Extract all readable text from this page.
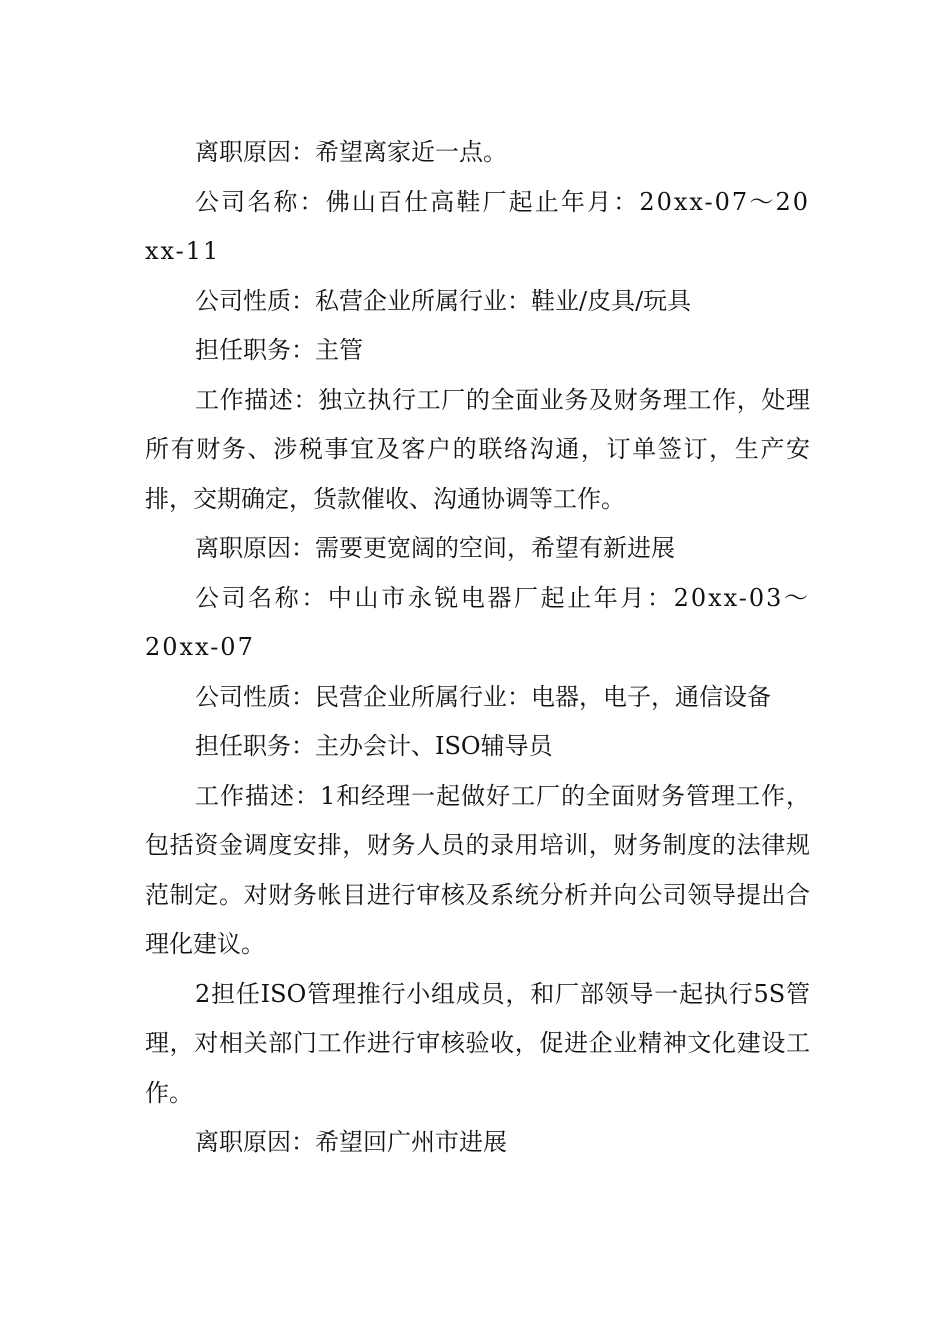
离职原因：希望离家近一点。

公司名称：佛山百仕高鞋厂起止年月：20xx-07～20xx-11

公司性质：私营企业所属行业：鞋业/皮具/玩具

担任职务：主管

工作描述：独立执行工厂的全面业务及财务理工作，处理所有财务、涉税事宜及客户的联络沟通，订单签订，生产安排，交期确定，货款催收、沟通协调等工作。

离职原因：需要更宽阔的空间，希望有新进展

公司名称：中山市永锐电器厂起止年月：20xx-03～20xx-07

公司性质：民营企业所属行业：电器，电子，通信设备

担任职务：主办会计、ISO辅导员

工作描述：1和经理一起做好工厂的全面财务管理工作，包括资金调度安排，财务人员的录用培训，财务制度的法律规范制定。对财务帐目进行审核及系统分析并向公司领导提出合理化建议。

2担任ISO管理推行小组成员，和厂部领导一起执行5S管理，对相关部门工作进行审核验收，促进企业精神文化建设工作。

离职原因：希望回广州市进展
